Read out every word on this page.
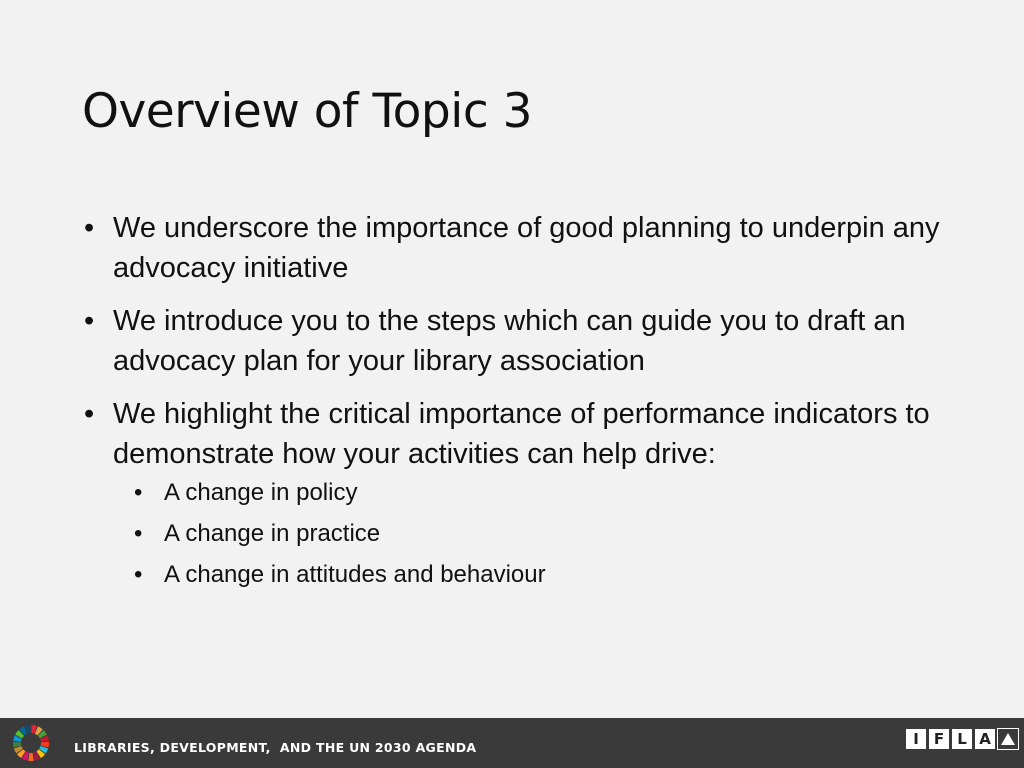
Overview of Topic 3
• We underscore the importance of good planning to underpin any advocacy initiative
• We introduce you to the steps which can guide you to draft an advocacy plan for your library association
• We highlight the critical importance of performance indicators to demonstrate how your activities can help drive:
• A change in policy
• A change in practice
• A change in attitudes and behaviour
LIBRARIES, DEVELOPMENT,  AND THE UN 2030 AGENDA	I	F L A
